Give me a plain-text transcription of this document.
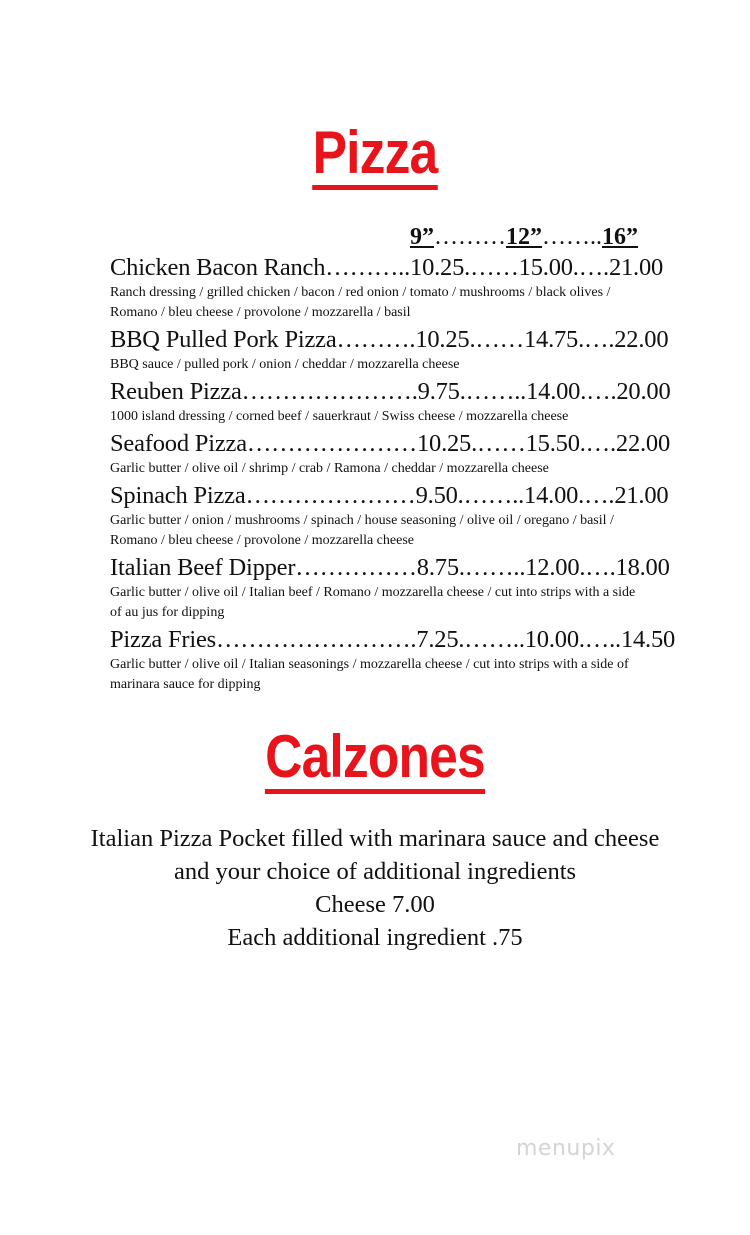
Pizza
9”………12”……..16”
Chicken Bacon Ranch………..10.25.……15.00.….21.00
Ranch dressing / grilled chicken / bacon / red onion / tomato / mushrooms / black olives / Romano / bleu cheese / provolone / mozzarella / basil
BBQ Pulled Pork Pizza……….10.25.……14.75.….22.00
BBQ sauce / pulled pork / onion / cheddar / mozzarella cheese
Reuben Pizza………………….9.75.……..14.00.….20.00
1000 island dressing / corned beef / sauerkraut / Swiss cheese / mozzarella cheese
Seafood Pizza…………………10.25.……15.50.….22.00
Garlic butter / olive oil / shrimp / crab / Ramona / cheddar / mozzarella cheese
Spinach Pizza…………………9.50.……..14.00.….21.00
Garlic butter / onion / mushrooms / spinach / house seasoning / olive oil / oregano / basil / Romano / bleu cheese / provolone / mozzarella cheese
Italian Beef Dipper……………8.75.……..12.00.….18.00
Garlic butter / olive oil / Italian beef / Romano / mozzarella cheese / cut into strips with a side of au jus for dipping
Pizza Fries…………………….7.25.……..10.00.…..14.50
Garlic butter / olive oil / Italian seasonings / mozzarella cheese / cut into strips with a side of marinara sauce for dipping
Calzones
Italian Pizza Pocket filled with marinara sauce and cheese
and your choice of additional ingredients
Cheese 7.00
Each additional ingredient .75
menupix
